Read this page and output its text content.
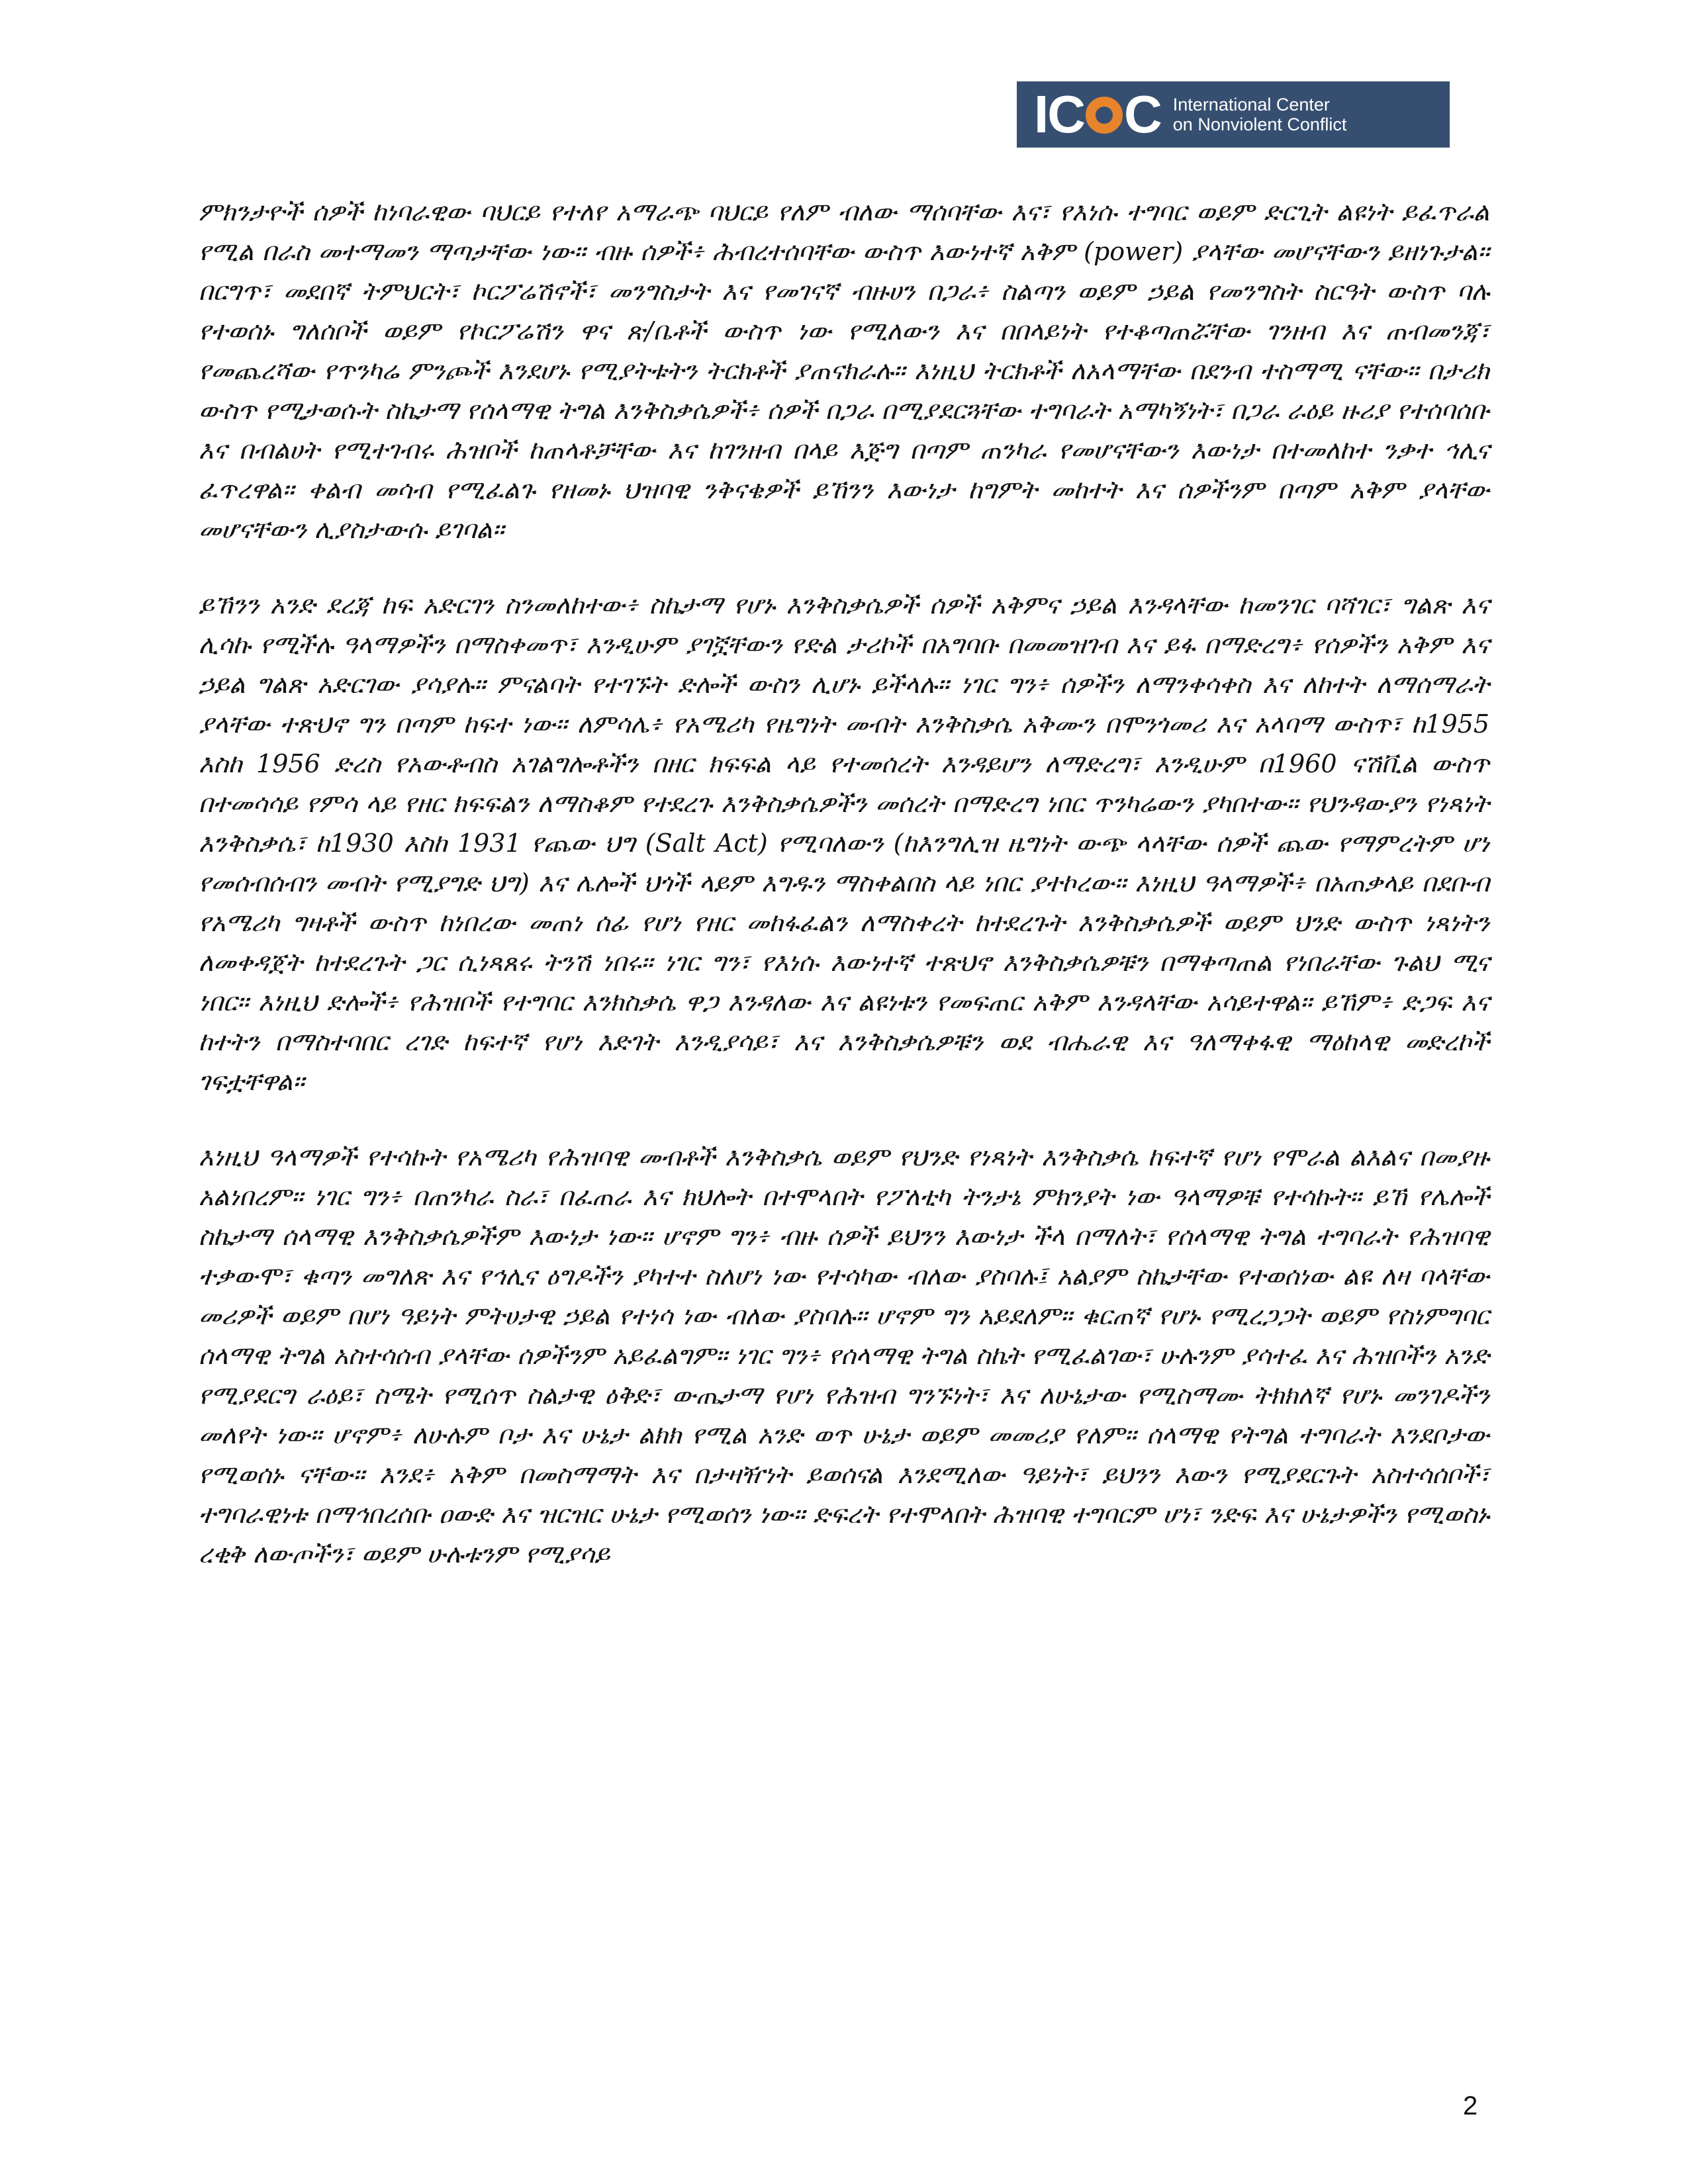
IC C International Center
on Nonviolent Conflict

ምክንታዮች ሰዎች ከነባራዊው ባህርይ የተለየ አማራጭ ባህርይ የለም ብለው ማሰባቸው እና፣ የእነሱ ተግባር ወይም ድርጊት ልዩነት ይፈጥራል የሚል በራስ መተማመን ማጣታቸው ነው። ብዙ ሰዎች፥ ሕብረተሰባቸው ውስጥ እውነተኛ አቅም (power) ያላቸው መሆናቸውን ይዘነጉታል። በርግጥ፣ መደበኛ ትምህርት፣ ኮርፖሬሽኖች፣ መንግስታት እና የመገናኛ ብዙሀን በጋራ፥ ስልጣን ወይም ኃይል የመንግስት ስርዓት ውስጥ ባሉ የተወሰኑ ግለሰቦች ወይም የኮርፖሬሽን ዋና ጽ/ቤቶች ውስጥ ነው የሚለውን እና በበላይነት የተቆጣጠሯቸው ገንዘብ እና ጠብመንጃ፣ የመጨረሻው የጥንካሬ ምንጮች እንደሆኑ የሚያትቱትን ትርክቶች ያጠናክራሉ። እነዚህ ትርክቶች ለአላማቸው በደንብ ተስማሚ ናቸው። በታሪክ ውስጥ የሚታወሱት ስኬታማ የሰላማዊ ትግል እንቅስቃሴዎች፥ ሰዎች በጋራ በሚያደርጓቸው ተግባራት አማካኝነት፣ በጋራ ራዕይ ዙሪያ የተሰባሰቡ እና በብልሀት የሚተገብሩ ሕዝቦች ከጠላቶቻቸው እና ከገንዘብ በላይ እጅግ በጣም ጠንካራ የመሆናቸውን እውነታ በተመለከተ ንቃተ ኅሊና ፈጥረዋል። ቀልብ መሳብ የሚፈልጉ የዘመኑ ህዝባዊ ንቅናቄዎች ይኸንን እውነታ ከግምት መከተት እና ሰዎችንም በጣም አቅም ያላቸው መሆናቸውን ሊያስታውሱ ይገባል።

ይኸንን አንድ ደረጃ ከፍ አድርገን ስንመለከተው፥ ስኬታማ የሆኑ እንቅስቃሴዎች ሰዎች አቅምና ኃይል እንዳላቸው ከመንገር ባሻገር፣ ግልጽ እና ሊሳኩ የሚችሉ ዓላማዎችን በማስቀመጥ፣ እንዲሁም ያገኟቸውን የድል ታሪኮች በአግባቡ በመመዝገብ እና ይፋ በማድረግ፥ የሰዎችን አቅም እና ኃይል ግልጽ አድርገው ያሳያሉ። ምናልባት የተገኙት ድሎች ውስን ሊሆኑ ይችላሉ። ነገር ግን፥ ሰዎችን ለማንቀሳቀስ እና ለከተት ለማሰማራት ያላቸው ተጽህኖ ግን በጣም ከፍተ ነው። ለምሳሌ፥ የአሜሪካ የዜግነት መብት እንቅስቃሴ አቅሙን በሞንጎመሪ እና አላባማ ውስጥ፣ ከ1955 እስከ 1956 ድረስ የአውቶብስ አገልግሎቶችን በዘር ክፍፍል ላይ የተመሰረት እንዳይሆን ለማድረግ፣ እንዲሁም በ1960 ናሽቪል ውስጥ በተመሳሳይ የምሳ ላይ የዘር ክፍፍልን ለማስቆም የተደረጉ እንቅስቃሴዎችን መሰረት በማድረግ ነበር ጥንካሬውን ያካበተው። የህንዳውያን የነጻነት እንቅስቃሴ፣ ከ1930 እስከ 1931 የጨው ህግ (Salt Act) የሚባለውን (ከእንግሊዝ ዜግነት ውጭ ላላቸው ሰዎች ጨው የማምረትም ሆነ የመሰብሰብን መብት የሚያግድ ህግ) እና ሌሎች ህጎች ላይም እግዱን ማስቀልበስ ላይ ነበር ያተኮረው። እነዚህ ዓላማዎች፥ በአጠቃላይ በደቡብ የአሜሪካ ግዛቶች ውስጥ ከነበረው መጠነ ሰፊ የሆነ የዘር መከፋፈልን ለማስቀረት ከተደረጉት እንቅስቃሴዎች ወይም ህንድ ውስጥ ነጻነትን ለመቀዳጀት ከተደረጉት ጋር ሲነጻጸሩ ትንሽ ነበሩ። ነገር ግን፣ የእነሱ እውነተኛ ተጽህኖ እንቅስቃሴዎቹን በማቀጣጠል የነበራቸው ጉልህ ሚና ነበር። እነዚህ ድሎች፥ የሕዝቦች የተግባር እንክስቃሴ ዋጋ እንዳለው እና ልዩነቱን የመፍጠር አቅም እንዳላቸው አሳይተዋል። ይኸም፥ ድጋፍ እና ከተትን በማስተባበር ረገድ ከፍተኛ የሆነ እድገት እንዲያሳይ፣ እና እንቅስቃሴዎቹን ወደ ብሔራዊ እና ዓለማቀፋዊ ማዕከላዊ መድረኮች ገፍቷቸዋል።

እነዚህ ዓላማዎች የተሳኩት የአሜሪካ የሕዝባዊ መብቶች እንቅስቃሴ ወይም የህንድ የነጻነት እንቅስቃሴ ከፍተኛ የሆነ የሞራል ልእልና በመያዙ አልነበረም። ነገር ግን፥ በጠንካራ ስራ፣ በፈጠራ እና ክህሎት በተሞላበት የፖለቲካ ትንታኔ ምክንያት ነው ዓላማዎቹ የተሳኩት። ይኸ የሌሎች ስኬታማ ሰላማዊ እንቅስቃሴዎችም እውነታ ነው። ሆኖም ግን፥ ብዙ ሰዎች ይህንን እውነታ ችላ በማለት፣ የሰላማዊ ትግል ተግባራት የሕዝባዊ ተቃውሞ፣ ቁጣን መግለጽ እና የኅሊና ዕግዶችን ያካተተ ስለሆነ ነው የተሳካው ብለው ያስባሉ፤ አልያም ስኬታቸው የተወሰነው ልዩ ለዛ ባላቸው መሪዎች ወይም በሆነ ዓይነት ምትሀታዊ ኃይል የተነሳ ነው ብለው ያስባሉ። ሆኖም ግን አይደለም። ቁርጠኛ የሆኑ የሚረጋጋት ወይም የስነምግባር ሰላማዊ ትግል አስተሳሰብ ያላቸው ሰዎችንም አይፈልግም። ነገር ግን፥ የሰላማዊ ትግል ስኬት የሚፈልገው፣ ሁሉንም ያሳተፈ እና ሕዝቦችን አንድ የሚያደርግ ራዕይ፣ ስሜት የሚሰጥ ስልታዊ ዕቅድ፣ ውጤታማ የሆነ የሕዝብ ግንኙነት፣ እና ለሁኔታው የሚስማሙ ትክክለኛ የሆኑ መንገዶችን መለየት ነው። ሆኖም፥ ለሁሉም ቦታ እና ሁኔታ ልክክ የሚል አንድ ወጥ ሁኔታ ወይም መመሪያ የለም። ሰላማዊ የትግል ተግባራት እንደቦታው የሚወሰኑ ናቸው። እንደ፥ አቅም በመስማማት እና በታዛዥነት ይወሰናል እንደሚለው ዓይነት፣ ይህንን እውን የሚያደርጉት አስተሳሰቦች፣ ተግባራዊነቱ በማኅበረሰቡ ዐውድ እና ዝርዝር ሁኔታ የሚወሰን ነው። ድፍረት የተሞላበት ሕዝባዊ ተግባርም ሆነ፣ ንድፍ እና ሁኔታዎችን የሚወስኑ ረቂቅ ለውጦችን፣ ወይም ሁሉቱንም የሚያሳይ

2
